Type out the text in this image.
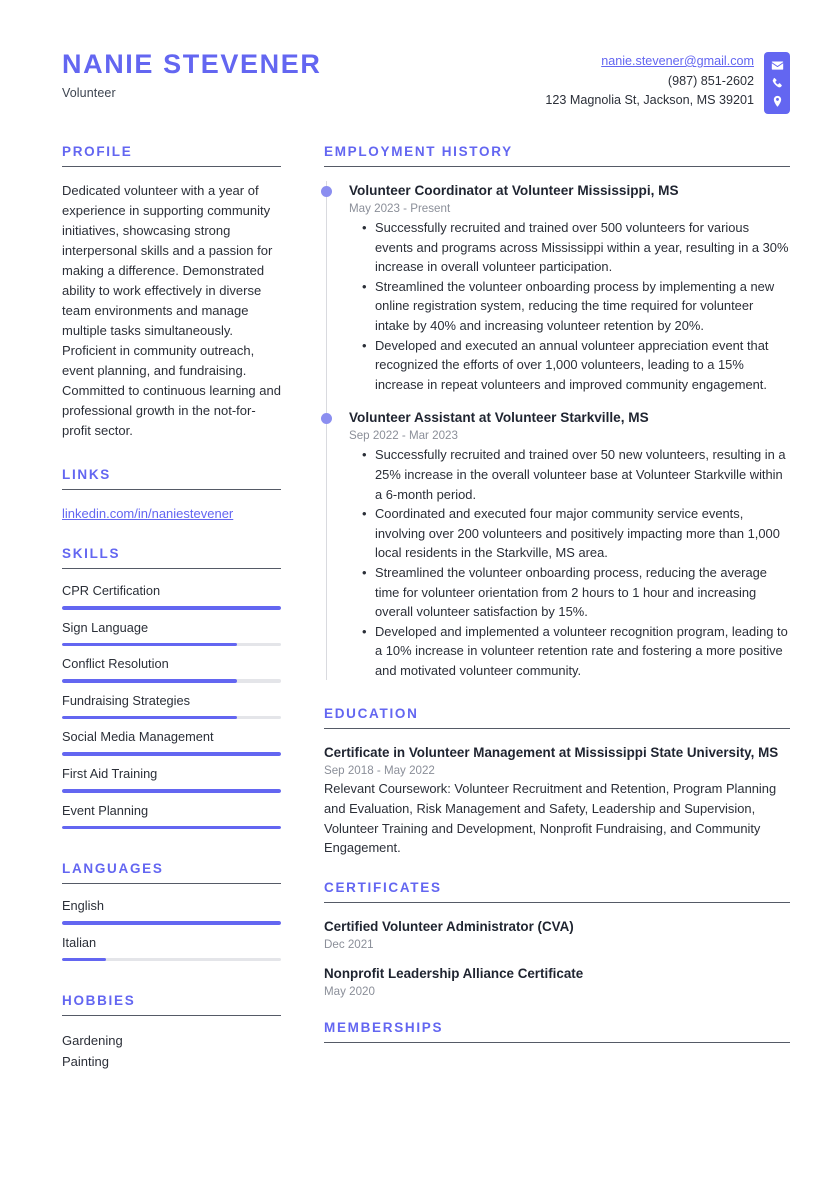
NANIE STEVENER
Volunteer
nanie.stevener@gmail.com
(987) 851-2602
123 Magnolia St, Jackson, MS 39201
PROFILE
Dedicated volunteer with a year of experience in supporting community initiatives, showcasing strong interpersonal skills and a passion for making a difference. Demonstrated ability to work effectively in diverse team environments and manage multiple tasks simultaneously. Proficient in community outreach, event planning, and fundraising. Committed to continuous learning and professional growth in the not-for-profit sector.
LINKS
linkedin.com/in/naniestevener
SKILLS
CPR Certification
Sign Language
Conflict Resolution
Fundraising Strategies
Social Media Management
First Aid Training
Event Planning
LANGUAGES
English
Italian
HOBBIES
Gardening
Painting
EMPLOYMENT HISTORY
Volunteer Coordinator at Volunteer Mississippi, MS
May 2023 - Present
• Successfully recruited and trained over 500 volunteers for various events and programs across Mississippi within a year, resulting in a 30% increase in overall volunteer participation.
• Streamlined the volunteer onboarding process by implementing a new online registration system, reducing the time required for volunteer intake by 40% and increasing volunteer retention by 20%.
• Developed and executed an annual volunteer appreciation event that recognized the efforts of over 1,000 volunteers, leading to a 15% increase in repeat volunteers and improved community engagement.
Volunteer Assistant at Volunteer Starkville, MS
Sep 2022 - Mar 2023
• Successfully recruited and trained over 50 new volunteers, resulting in a 25% increase in the overall volunteer base at Volunteer Starkville within a 6-month period.
• Coordinated and executed four major community service events, involving over 200 volunteers and positively impacting more than 1,000 local residents in the Starkville, MS area.
• Streamlined the volunteer onboarding process, reducing the average time for volunteer orientation from 2 hours to 1 hour and increasing overall volunteer satisfaction by 15%.
• Developed and implemented a volunteer recognition program, leading to a 10% increase in volunteer retention rate and fostering a more positive and motivated volunteer community.
EDUCATION
Certificate in Volunteer Management at Mississippi State University, MS
Sep 2018 - May 2022
Relevant Coursework: Volunteer Recruitment and Retention, Program Planning and Evaluation, Risk Management and Safety, Leadership and Supervision, Volunteer Training and Development, Nonprofit Fundraising, and Community Engagement.
CERTIFICATES
Certified Volunteer Administrator (CVA)
Dec 2021
Nonprofit Leadership Alliance Certificate
May 2020
MEMBERSHIPS
